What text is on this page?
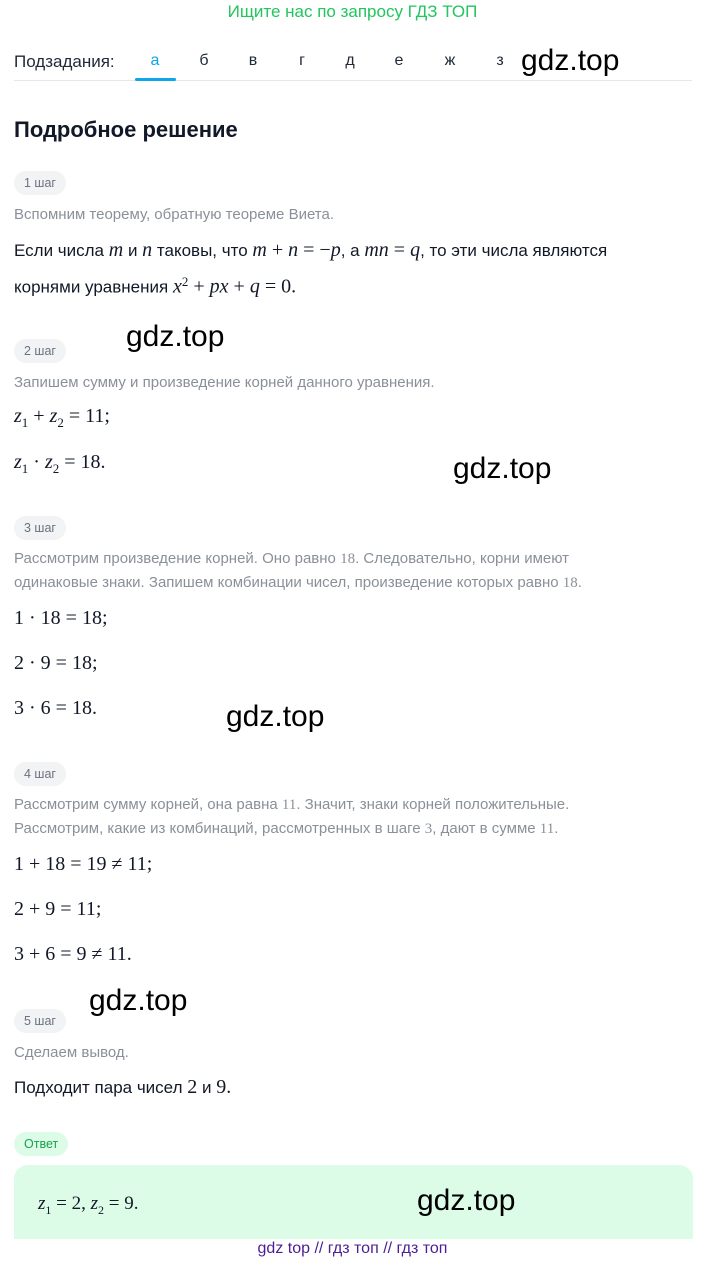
Ищите нас по запросу ГДЗ ТОП
Подзадания:	а	б	в	г	д	е	ж	з gdz.top
Подробное решение
1 шаг
Вспомним теорему, обратную теореме Виета.
Если числа m и n таковы, что m + n = −p, а mn = q, то эти числа являются
корнями уравнения $x^2$ + px + q = 0.
gdz.top
2 шаг
Запишем сумму и произведение корней данного уравнения.
$z_1 + z_2 = 11$;
$z_1 \cdot z_2 = 18$.	gdz.top
3 шаг
Рассмотрим произведение корней. Оно равно 18. Следовательно, корни имеют
одинаковые знаки. Запишем комбинации чисел, произведение которых равно 18.
1 · 18 = 18;
2 · 9 = 18;
3 · 6 = 18.	gdz.top
4 шаг
Рассмотрим сумму корней, она равна 11. Значит, знаки корней положительные.
Рассмотрим, какие из комбинаций, рассмотренных в шаге 3, дают в сумме 11.
1 + 18 = 19 ≠ 11;
2 + 9 = 11;
3 + 6 = 9 ≠ 11.
gdz.top
5 шаг
Сделаем вывод.
Подходит пара чисел 2 и 9.
Ответ
$z_1 = 2$, $z_2 = 9$.	gdz.top
gdz top // гдз топ // гдз топ
